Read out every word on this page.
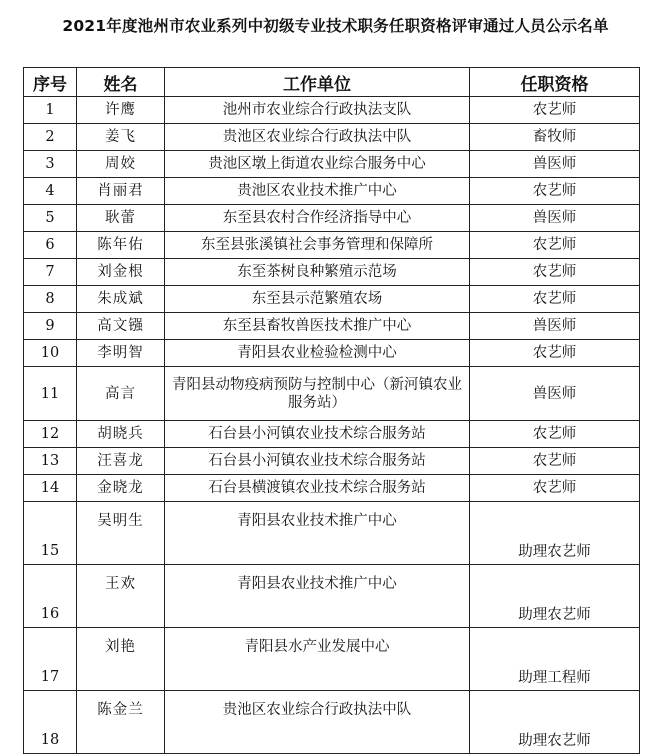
2021年度池州市农业系列中初级专业技术职务任职资格评审通过人员公示名单
序号	姓名	工作单位	任职资格
1	许鹰	池州市农业综合行政执法支队	农艺师
2	姜飞	贵池区农业综合行政执法中队	畜牧师
3	周姣	贵池区墩上街道农业综合服务中心	兽医师
4	肖丽君	贵池区农业技术推广中心	农艺师
5	耿蕾	东至县农村合作经济指导中心	兽医师
6	陈年佑	东至县张溪镇社会事务管理和保障所	农艺师
7	刘金根	东至茶树良种繁殖示范场	农艺师
8	朱成斌	东至县示范繁殖农场	农艺师
9	高文镪	东至县畜牧兽医技术推广中心	兽医师
10	李明智	青阳县农业检验检测中心	农艺师
11	高言	青阳县动物疫病预防与控制中心（新河镇农业服务站）	兽医师
12	胡晓兵	石台县小河镇农业技术综合服务站	农艺师
13	汪喜龙	石台县小河镇农业技术综合服务站	农艺师
14	金晓龙	石台县横渡镇农业技术综合服务站	农艺师
15	吴明生	青阳县农业技术推广中心	助理农艺师
16	王欢	青阳县农业技术推广中心	助理农艺师
17	刘艳	青阳县水产业发展中心	助理工程师
18	陈金兰	贵池区农业综合行政执法中队	助理农艺师
